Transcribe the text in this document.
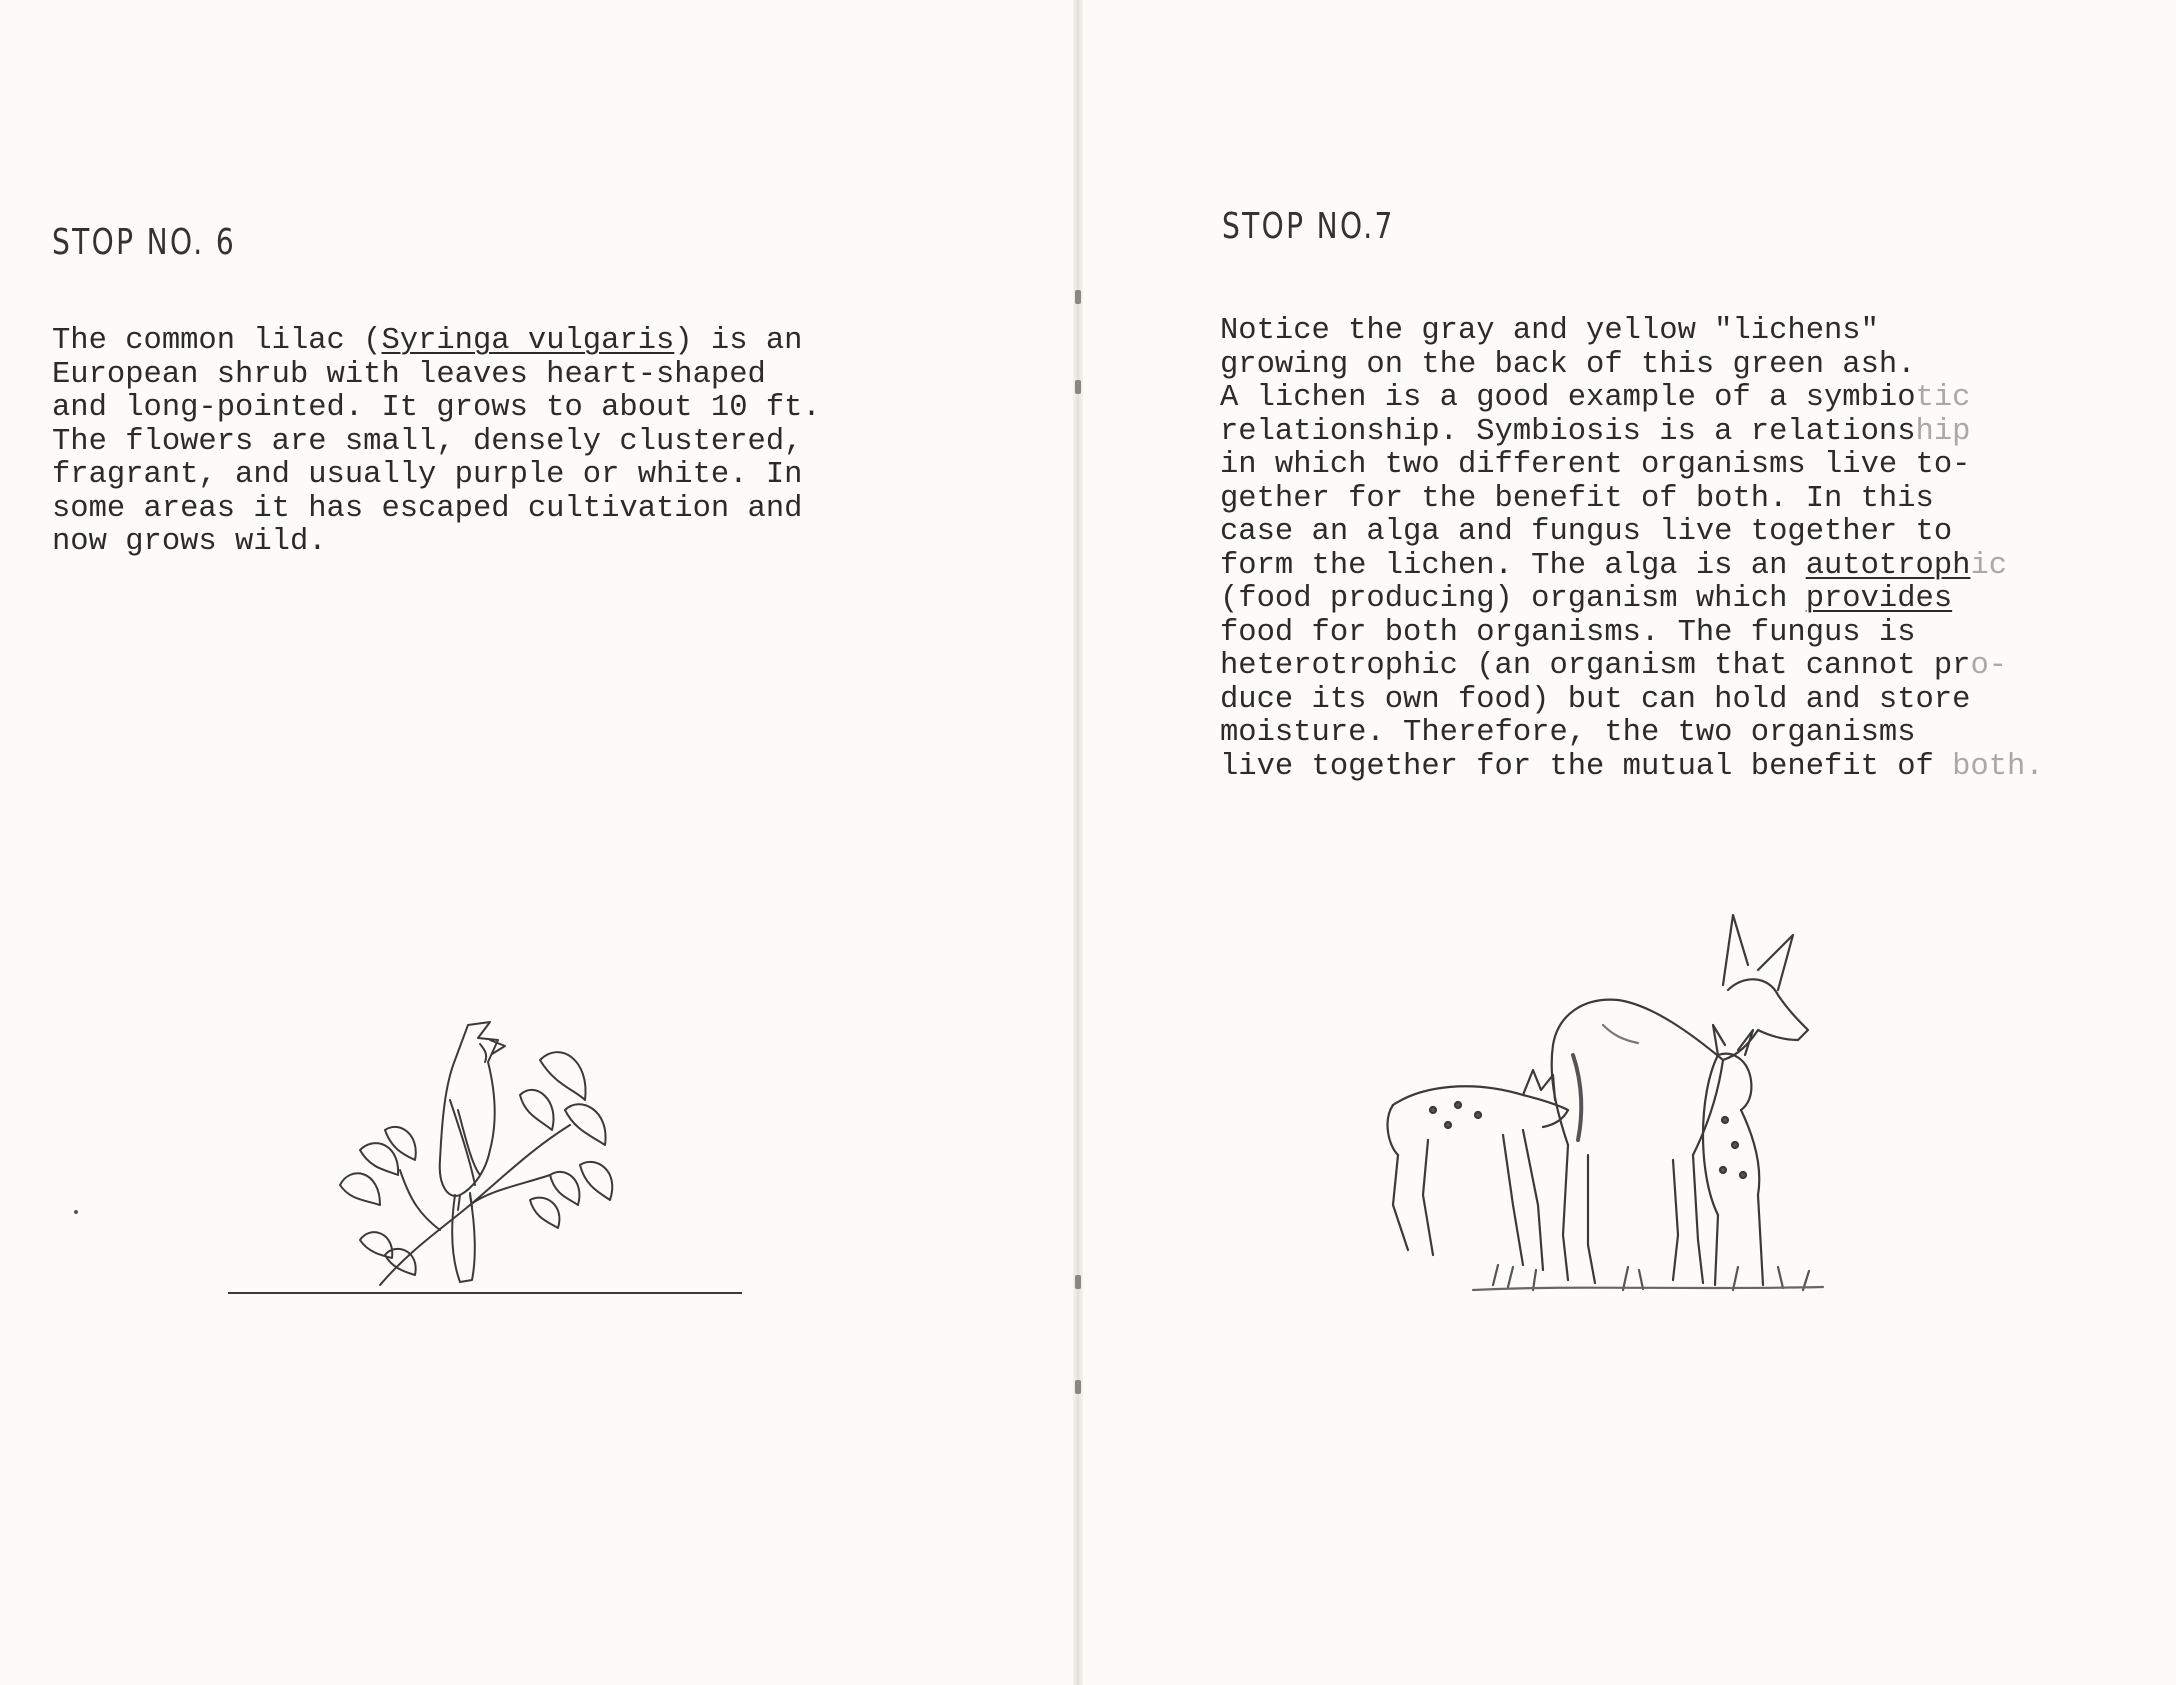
STOP NO. 6
The common lilac (Syringa vulgaris) is an
European shrub with leaves heart-shaped
and long-pointed. It grows to about 10 ft.
The flowers are small, densely clustered,
fragrant, and usually purple or white. In
some areas it has escaped cultivation and
now grows wild.
STOP NO.7
Notice the gray and yellow "lichens"
growing on the back of this green ash.
A lichen is a good example of a symbiotic
relationship. Symbiosis is a relationship
in which two different organisms live to-
gether for the benefit of both. In this
case an alga and fungus live together to
form the lichen. The alga is an autotrophic
(food producing) organism which provides
food for both organisms. The fungus is
heterotrophic (an organism that cannot pro-
duce its own food) but can hold and store
moisture. Therefore, the two organisms
live together for the mutual benefit of both.
